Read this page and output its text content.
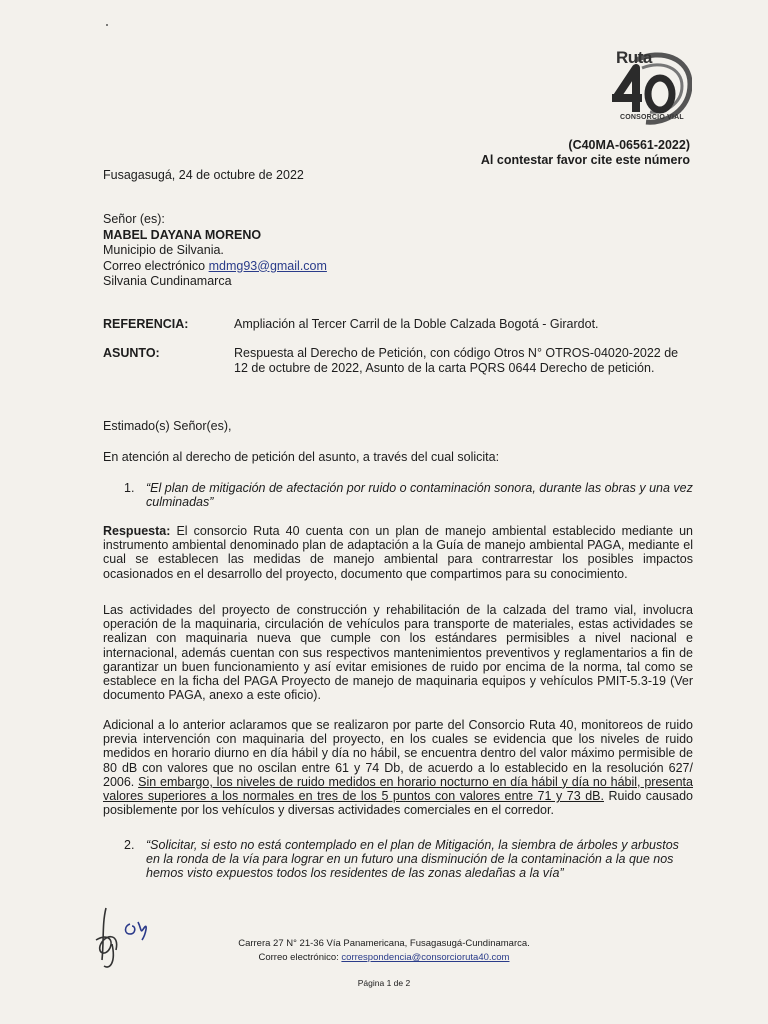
Ruta
CONSORCIO VIAL
(C40MA-06561-2022)
Al contestar favor cite este número
Fusagasugá, 24 de octubre de 2022
Señor (es):
MABEL DAYANA MORENO
Municipio de Silvania.
Correo electrónico mdmg93@gmail.com
Silvania Cundinamarca
REFERENCIA:	Ampliación al Tercer Carril de la Doble Calzada Bogotá - Girardot.
ASUNTO:	Respuesta al Derecho de Petición, con código Otros N° OTROS-04020-2022 de 12 de octubre de 2022, Asunto de la carta PQRS 0644 Derecho de petición.
Estimado(s) Señor(es),
En atención al derecho de petición del asunto, a través del cual solicita:
1. “El plan de mitigación de afectación por ruido o contaminación sonora, durante las obras y una vez culminadas”
Respuesta: El consorcio Ruta 40 cuenta con un plan de manejo ambiental establecido mediante un instrumento ambiental denominado plan de adaptación a la Guía de manejo ambiental PAGA, mediante el cual se establecen las medidas de manejo ambiental para contrarrestar los posibles impactos ocasionados en el desarrollo del proyecto, documento que compartimos para su conocimiento.
Las actividades del proyecto de construcción y rehabilitación de la calzada del tramo vial, involucra operación de la maquinaria, circulación de vehículos para transporte de materiales, estas actividades se realizan con maquinaria nueva que cumple con los estándares permisibles a nivel nacional e internacional, además cuentan con sus respectivos mantenimientos preventivos y reglamentarios a fin de garantizar un buen funcionamiento y así evitar emisiones de ruido por encima de la norma, tal como se establece en la ficha del PAGA Proyecto de manejo de maquinaria equipos y vehículos PMIT-5.3-19 (Ver documento PAGA, anexo a este oficio).
Adicional a lo anterior aclaramos que se realizaron por parte del Consorcio Ruta 40, monitoreos de ruido previa intervención con maquinaria del proyecto, en los cuales se evidencia que los niveles de ruido medidos en horario diurno en día hábil y día no hábil, se encuentra dentro del valor máximo permisible de 80 dB con valores que no oscilan entre 61 y 74 Db, de acuerdo a lo establecido en la resolución 627/ 2006. Sin embargo, los niveles de ruido medidos en horario nocturno en día hábil y día no hábil, presenta valores superiores a los normales en tres de los 5 puntos con valores entre 71 y 73 dB. Ruido causado posiblemente por los vehículos y diversas actividades comerciales en el corredor.
2. “Solicitar, si esto no está contemplado en el plan de Mitigación, la siembra de árboles y arbustos en la ronda de la vía para lograr en un futuro una disminución de la contaminación a la que nos hemos visto expuestos todos los residentes de las zonas aledañas a la vía”
Carrera 27 N° 21-36 Vía Panamericana, Fusagasugá-Cundinamarca.
Correo electrónico: correspondencia@consorcioruta40.com
Página 1 de 2
